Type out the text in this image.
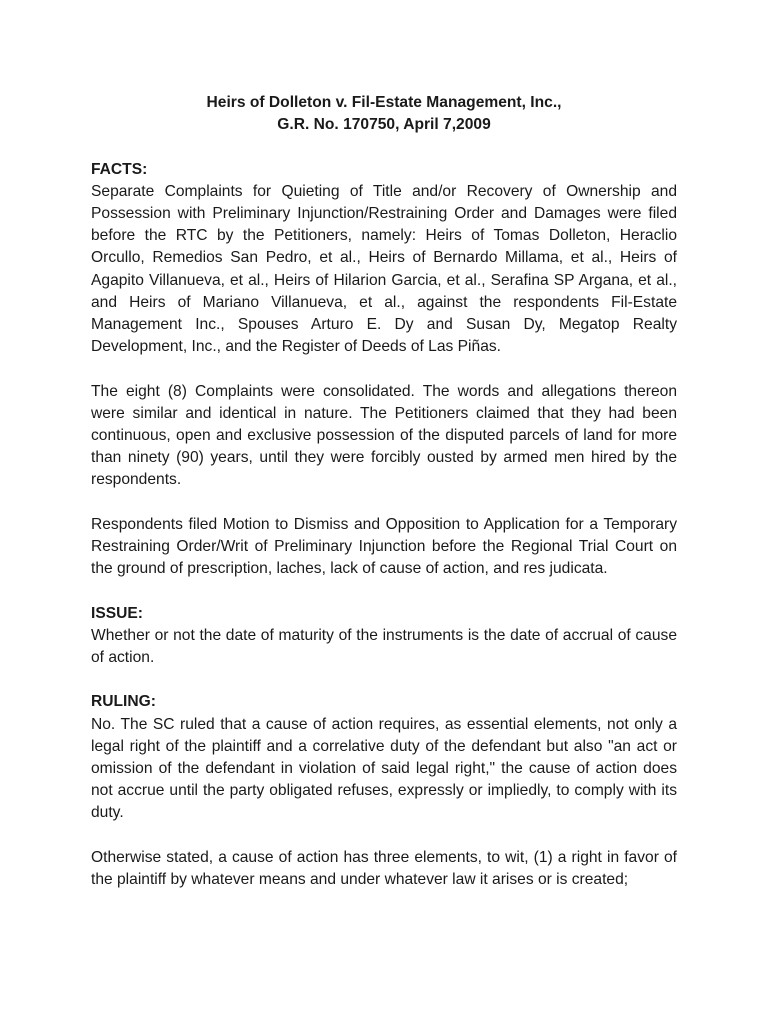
Heirs of Dolleton v. Fil-Estate Management, Inc.,
G.R. No. 170750, April 7,2009

FACTS:

Separate Complaints for Quieting of Title and/or Recovery of Ownership and Possession with Preliminary Injunction/Restraining Order and Damages were filed before the RTC by the Petitioners, namely: Heirs of Tomas Dolleton, Heraclio Orcullo, Remedios San Pedro, et al., Heirs of Bernardo Millama, et al., Heirs of Agapito Villanueva, et al., Heirs of Hilarion Garcia, et al., Serafina SP Argana, et al., and Heirs of Mariano Villanueva, et al., against the respondents Fil-Estate Management Inc., Spouses Arturo E. Dy and Susan Dy, Megatop Realty Development, Inc., and the Register of Deeds of Las Piñas.

The eight (8) Complaints were consolidated. The words and allegations thereon were similar and identical in nature. The Petitioners claimed that they had been continuous, open and exclusive possession of the disputed parcels of land for more than ninety (90) years, until they were forcibly ousted by armed men hired by the respondents.

Respondents filed Motion to Dismiss and Opposition to Application for a Temporary Restraining Order/Writ of Preliminary Injunction before the Regional Trial Court on the ground of prescription, laches, lack of cause of action, and res judicata.

ISSUE:

Whether or not the date of maturity of the instruments is the date of accrual of cause of action.

RULING:

No. The SC ruled that a cause of action requires, as essential elements, not only a legal right of the plaintiff and a correlative duty of the defendant but also "an act or omission of the defendant in violation of said legal right," the cause of action does not accrue until the party obligated refuses, expressly or impliedly, to comply with its duty.

Otherwise stated, a cause of action has three elements, to wit, (1) a right in favor of the plaintiff by whatever means and under whatever law it arises or is created;
